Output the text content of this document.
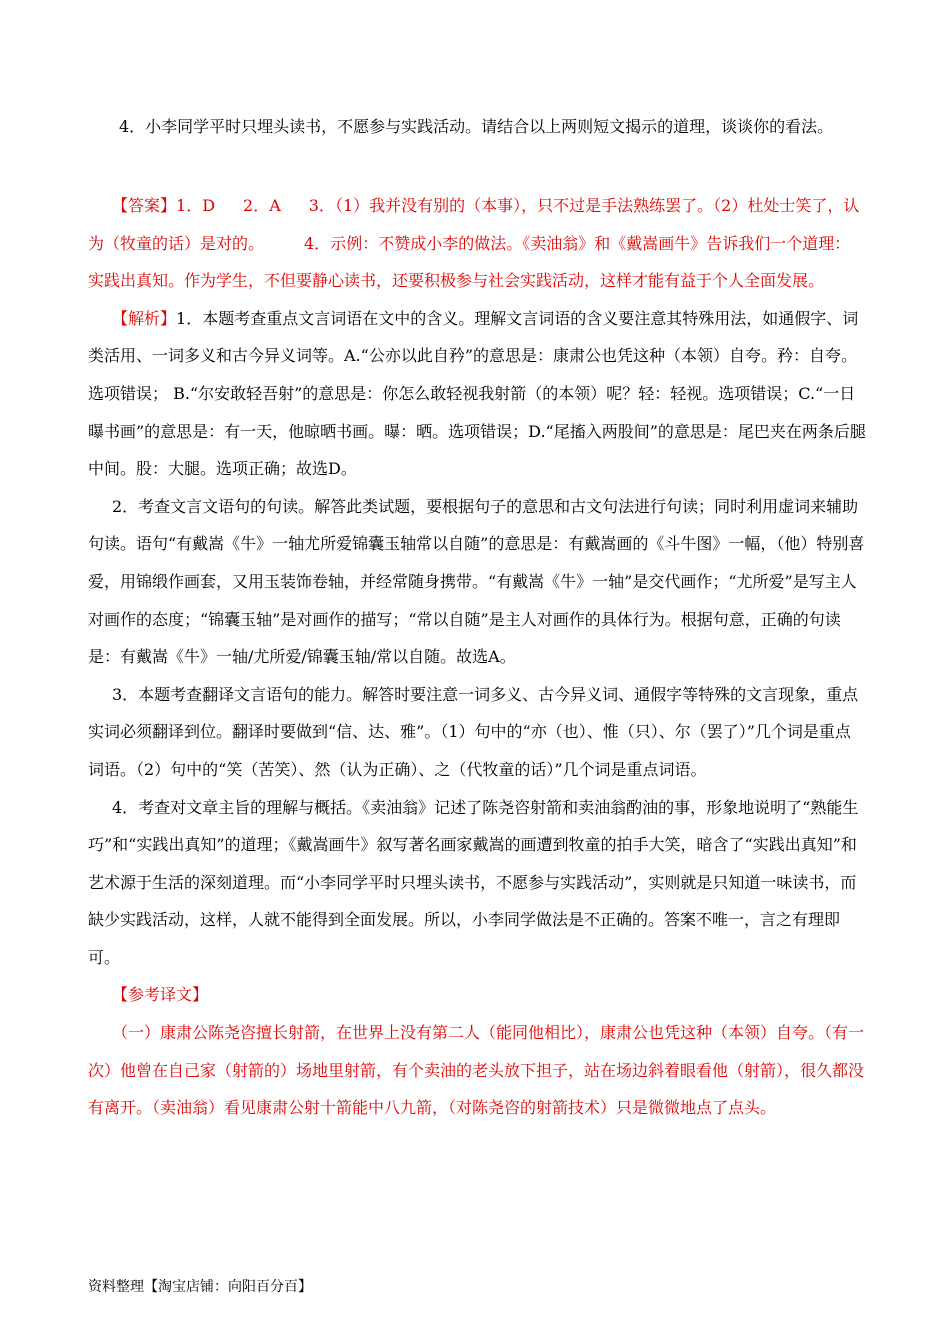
4．小李同学平时只埋头读书，不愿参与实践活动。请结合以上两则短文揭示的道理，谈谈你的看法。

【答案】1．D 2．A 3．（1）我并没有别的（本事），只不过是手法熟练罢了。（2）杜处士笑了，认为（牧童的话）是对的。	4．示例：不赞成小李的做法。《卖油翁》和《戴嵩画牛》告诉我们一个道理：实践出真知。作为学生，不但要静心读书，还要积极参与社会实践活动，这样才能有益于个人全面发展。

【解析】1．本题考查重点文言词语在文中的含义。理解文言词语的含义要注意其特殊用法，如通假字、词类活用、一词多义和古今异义词等。A.“公亦以此自矜”的意思是：康肃公也凭这种（本领）自夸。矜：自夸。选项错误； B.“尔安敢轻吾射”的意思是：你怎么敢轻视我射箭（的本领）呢？轻：轻视。选项错误；C.“一日曝书画”的意思是：有一天，他晾晒书画。曝：晒。选项错误；D.“尾搐入两股间”的意思是：尾巴夹在两条后腿中间。股：大腿。选项正确；故选D。

2．考查文言文语句的句读。解答此类试题，要根据句子的意思和古文句法进行句读；同时利用虚词来辅助句读。语句“有戴嵩《牛》一轴尤所爱锦囊玉轴常以自随”的意思是：有戴嵩画的《斗牛图》一幅，（他）特别喜爱，用锦缎作画套，又用玉装饰卷轴，并经常随身携带。“有戴嵩《牛》一轴”是交代画作；“尤所爱”是写主人对画作的态度；“锦囊玉轴”是对画作的描写；“常以自随”是主人对画作的具体行为。根据句意，正确的句读是：有戴嵩《牛》一轴/尤所爱/锦囊玉轴/常以自随。故选A。

3．本题考查翻译文言语句的能力。解答时要注意一词多义、古今异义词、通假字等特殊的文言现象，重点实词必须翻译到位。翻译时要做到“信、达、雅”。（1）句中的“亦（也）、惟（只）、尔（罢了）”几个词是重点词语。（2）句中的“笑（苦笑）、然（认为正确）、之（代牧童的话）”几个词是重点词语。

4．考查对文章主旨的理解与概括。《卖油翁》记述了陈尧咨射箭和卖油翁酌油的事，形象地说明了“熟能生巧”和“实践出真知”的道理；《戴嵩画牛》叙写著名画家戴嵩的画遭到牧童的拍手大笑，暗含了“实践出真知”和艺术源于生活的深刻道理。而“小李同学平时只埋头读书，不愿参与实践活动”，实则就是只知道一味读书，而缺少实践活动，这样，人就不能得到全面发展。所以，小李同学做法是不正确的。答案不唯一，言之有理即可。

【参考译文】

（一）康肃公陈尧咨擅长射箭，在世界上没有第二人（能同他相比），康肃公也凭这种（本领）自夸。（有一次）他曾在自己家（射箭的）场地里射箭，有个卖油的老头放下担子，站在场边斜着眼看他（射箭），很久都没有离开。（卖油翁）看见康肃公射十箭能中八九箭，（对陈尧咨的射箭技术）只是微微地点了点头。

资料整理【淘宝店铺：向阳百分百】
